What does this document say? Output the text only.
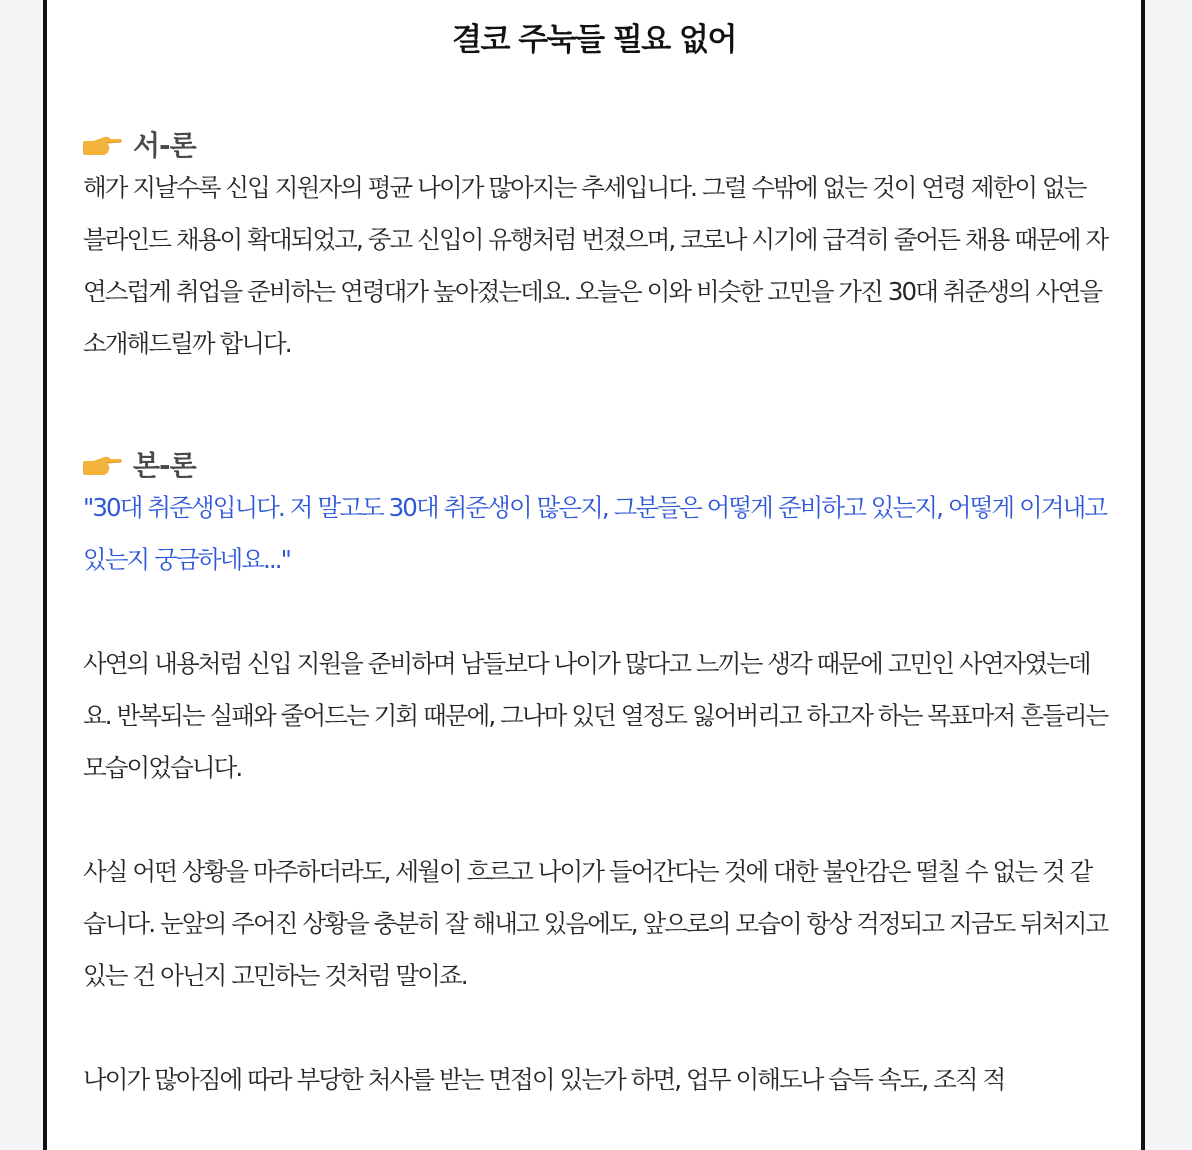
결코 주눅들 필요 없어
서-론

해가 지날수록 신입 지원자의 평균 나이가 많아지는 추세입니다. 그럴 수밖에 없는 것이 연령 제한이 없는 블라인드 채용이 확대되었고, 중고 신입이 유행처럼 번졌으며, 코로나 시기에 급격히 줄어든 채용 때문에 자연스럽게 취업을 준비하는 연령대가 높아졌는데요. 오늘은 이와 비슷한 고민을 가진 30대 취준생의 사연을 소개해드릴까 합니다.

본-론

"30대 취준생입니다. 저 말고도 30대 취준생이 많은지, 그분들은 어떻게 준비하고 있는지, 어떻게 이겨내고 있는지 궁금하네요..."

사연의 내용처럼 신입 지원을 준비하며 남들보다 나이가 많다고 느끼는 생각 때문에 고민인 사연자였는데요. 반복되는 실패와 줄어드는 기회 때문에, 그나마 있던 열정도 잃어버리고 하고자 하는 목표마저 흔들리는 모습이었습니다.

사실 어떤 상황을 마주하더라도, 세월이 흐르고 나이가 들어간다는 것에 대한 불안감은 떨칠 수 없는 것 같습니다. 눈앞의 주어진 상황을 충분히 잘 해내고 있음에도, 앞으로의 모습이 항상 걱정되고 지금도 뒤처지고 있는 건 아닌지 고민하는 것처럼 말이죠.

나이가 많아짐에 따라 부당한 처사를 받는 면접이 있는가 하면, 업무 이해도나 습득 속도, 조직 적
